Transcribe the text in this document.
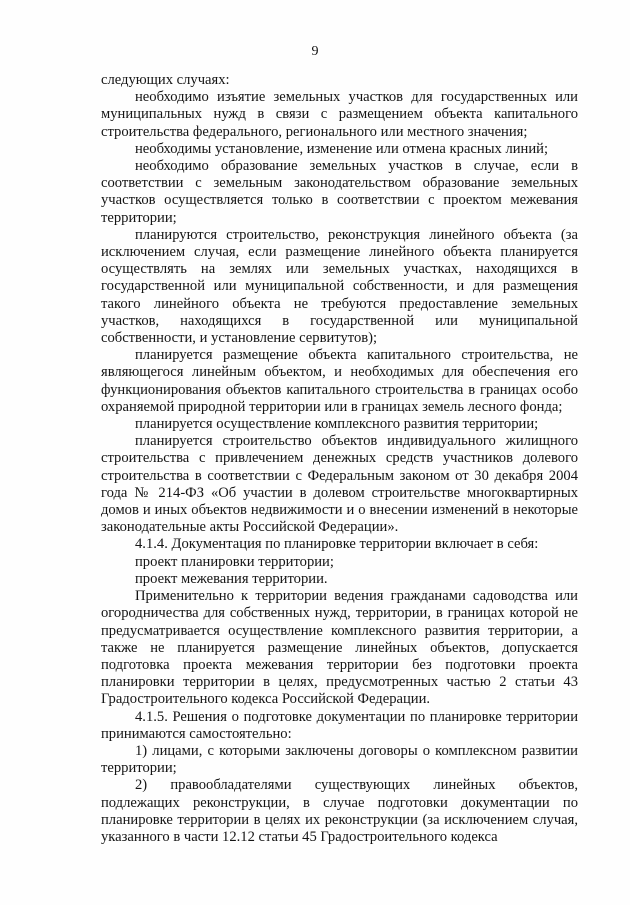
9

следующих случаях:

необходимо изъятие земельных участков для государственных или муниципальных нужд в связи с размещением объекта капитального строительства федерального, регионального или местного значения;

необходимы установление, изменение или отмена красных линий;

необходимо образование земельных участков в случае, если в соответствии с земельным законодательством образование земельных участков осуществляется только в соответствии с проектом межевания территории;

планируются строительство, реконструкция линейного объекта (за исключением случая, если размещение линейного объекта планируется осуществлять на землях или земельных участках, находящихся в государственной или муниципальной собственности, и для размещения такого линейного объекта не требуются предоставление земельных участков, находящихся в государственной или муниципальной собственности, и установление сервитутов);

планируется размещение объекта капитального строительства, не являющегося линейным объектом, и необходимых для обеспечения его функционирования объектов капитального строительства в границах особо охраняемой природной территории или в границах земель лесного фонда;

планируется осуществление комплексного развития территории;

планируется строительство объектов индивидуального жилищного строительства с привлечением денежных средств участников долевого строительства в соответствии с Федеральным законом от 30 декабря 2004 года № 214-ФЗ «Об участии в долевом строительстве многоквартирных домов и иных объектов недвижимости и о внесении изменений в некоторые законодательные акты Российской Федерации».

4.1.4. Документация по планировке территории включает в себя:

проект планировки территории;

проект межевания территории.

Применительно к территории ведения гражданами садоводства или огородничества для собственных нужд, территории, в границах которой не предусматривается осуществление комплексного развития территории, а также не планируется размещение линейных объектов, допускается подготовка проекта межевания территории без подготовки проекта планировки территории в целях, предусмотренных частью 2 статьи 43 Градостроительного кодекса Российской Федерации.

4.1.5. Решения о подготовке документации по планировке территории принимаются самостоятельно:

1) лицами, с которыми заключены договоры о комплексном развитии территории;

2) правообладателями существующих линейных объектов, подлежащих реконструкции, в случае подготовки документации по планировке территории в целях их реконструкции (за исключением случая, указанного в части 12.12 статьи 45 Градостроительного кодекса
